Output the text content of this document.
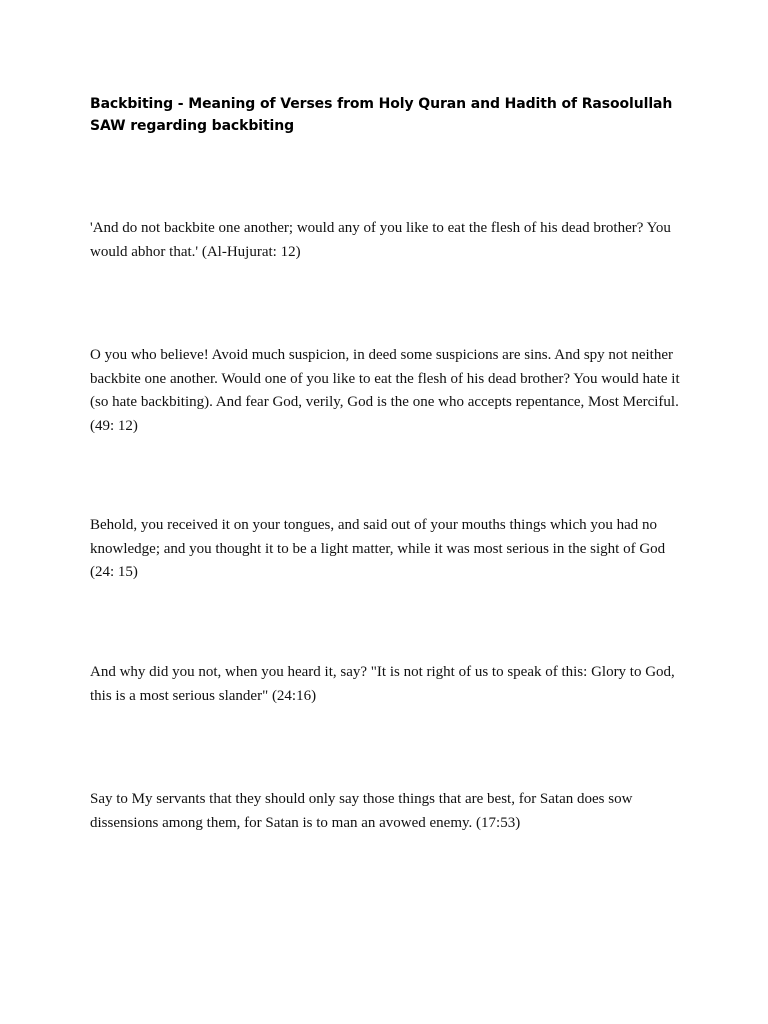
Backbiting - Meaning of Verses from Holy Quran and Hadith of Rasoolullah SAW regarding backbiting

'And do not backbite one another; would any of you like to eat the flesh of his dead brother? You would abhor that.' (Al-Hujurat: 12)

O you who believe! Avoid much suspicion, in deed some suspicions are sins. And spy not neither backbite one another. Would one of you like to eat the flesh of his dead brother? You would hate it (so hate backbiting). And fear God, verily, God is the one who accepts repentance, Most Merciful. (49: 12)

Behold, you received it on your tongues, and said out of your mouths things which you had no knowledge; and you thought it to be a light matter, while it was most serious in the sight of God (24: 15)

And why did you not, when you heard it, say? "It is not right of us to speak of this: Glory to God, this is a most serious slander" (24:16)

Say to My servants that they should only say those things that are best, for Satan does sow dissensions among them, for Satan is to man an avowed enemy. (17:53)
